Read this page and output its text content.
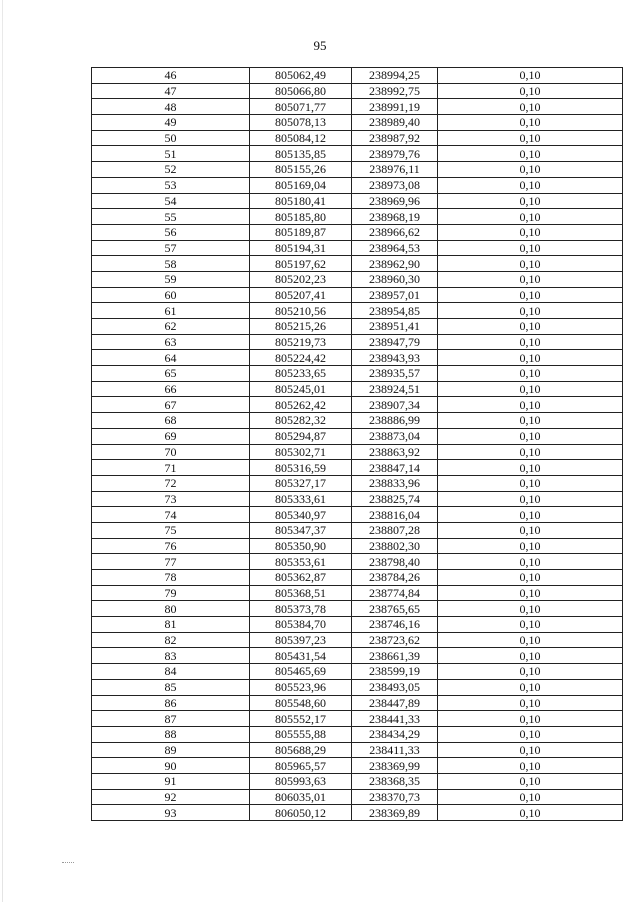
95
46	805062,49	238994,25	0,10
47	805066,80	238992,75	0,10
48	805071,77	238991,19	0,10
49	805078,13	238989,40	0,10
50	805084,12	238987,92	0,10
51	805135,85	238979,76	0,10
52	805155,26	238976,11	0,10
53	805169,04	238973,08	0,10
54	805180,41	238969,96	0,10
55	805185,80	238968,19	0,10
56	805189,87	238966,62	0,10
57	805194,31	238964,53	0,10
58	805197,62	238962,90	0,10
59	805202,23	238960,30	0,10
60	805207,41	238957,01	0,10
61	805210,56	238954,85	0,10
62	805215,26	238951,41	0,10
63	805219,73	238947,79	0,10
64	805224,42	238943,93	0,10
65	805233,65	238935,57	0,10
66	805245,01	238924,51	0,10
67	805262,42	238907,34	0,10
68	805282,32	238886,99	0,10
69	805294,87	238873,04	0,10
70	805302,71	238863,92	0,10
71	805316,59	238847,14	0,10
72	805327,17	238833,96	0,10
73	805333,61	238825,74	0,10
74	805340,97	238816,04	0,10
75	805347,37	238807,28	0,10
76	805350,90	238802,30	0,10
77	805353,61	238798,40	0,10
78	805362,87	238784,26	0,10
79	805368,51	238774,84	0,10
80	805373,78	238765,65	0,10
81	805384,70	238746,16	0,10
82	805397,23	238723,62	0,10
83	805431,54	238661,39	0,10
84	805465,69	238599,19	0,10
85	805523,96	238493,05	0,10
86	805548,60	238447,89	0,10
87	805552,17	238441,33	0,10
88	805555,88	238434,29	0,10
89	805688,29	238411,33	0,10
90	805965,57	238369,99	0,10
91	805993,63	238368,35	0,10
92	806035,01	238370,73	0,10
93	806050,12	238369,89	0,10
